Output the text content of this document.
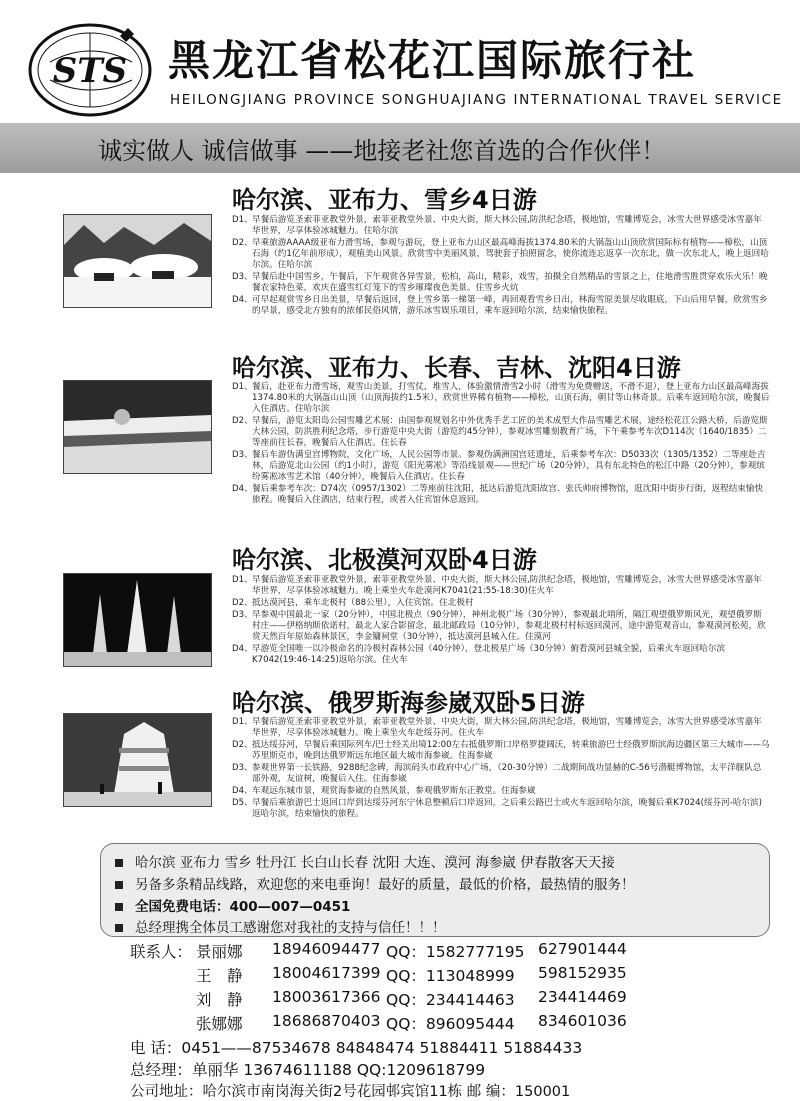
STS 黑龙江省松花江国际旅行社
HEILONGJIANG PROVINCE SONGHUAJIANG INTERNATIONAL TRAVEL SERVICE
诚实做人 诚信做事 ——地接老社您首选的合作伙伴！
哈尔滨、亚布力、雪乡4日游
D1、 早餐后游览圣索菲亚教堂外景，索菲亚教堂外景、中央大街，斯大林公园,防洪纪念塔，极地馆，雪雕博览会，冰雪大世界感受冰雪嘉年华世界，尽享体验冰城魅力。住哈尔滨
D2、 早乘旅游AAAA级亚布力滑雪场，参观与游玩，登上亚布力山区最高峰海拔1374.80米的大锅盔山山顶欣赏国际标有植物——樟松，山顶石海（约1亿年前形成），观植美山风景。欣赏雪中美丽风景，驾驶套子拍照留念，使你流连忘返享一次东北，做一次东北人，晚上返回哈尔滨。住哈尔滨
D3、 早餐后赴中国雪乡，午餐后，下午观赏各异雪景，松柏，高山，精彩，戏雪，拍摄全自然精品的雪景之上，住地滑雪胜贯穿欢乐火乐！晚餐农家特色菜，欢庆在盛雪红灯笼下的雪乡璀璨夜色美景。住雪乡火炕
D4、 可早起观赏雪乡日出美景，早餐后返回，登上雪乡第一梯第一峰，再回观看雪乡日出，林海雪原美景尽收眼底，下山后用早餐，欣赏雪乡的早景，感受北方独有的浓郁民俗风情，游乐冰雪娱乐项目，乘车返回哈尔滨，结束愉快旅程。
哈尔滨、亚布力、长春、吉林、沈阳4日游
D1、 餐后，赴亚布力滑雪场，观雪山美景，打雪仗，堆雪人，体验激情滑雪2小时（滑雪为免费赠送，不滑不退），登上亚布力山区最高峰海拔1374.80米的大锅盔山山顶（山顶海拔约1.5米），欣赏世界稀有植物——樟松，山顶石海，朝甘等山林奇景。后乘车返回哈尔滨，晚餐后入住酒店。住哈尔滨
D2、 早餐后，游览太阳岛公园雪雕艺术展：由国参观规划名中外优秀手艺工匠的美术成型大作品雪雕艺术展，途经松花江公路大桥，后游览斯大林公园，防洪胜利纪念塔，步行游览中央大街（游览约45分钟），参观冰雪雕刻教育广场，下午乘参考车次D114次（1640/1835）二等座前往长春，晚餐后入住酒店。住长春
D3、 餐后车游伪满皇宫博物院，文化广场，人民公园等市景。参观伪满洲国宫廷遗址，后乘参考车次：D5033次（1305/1352）二等座赴吉林，后游览北山公园（约1小时），游览《阳光雾凇》等沿线景观——世纪广场（20分钟），具有东北特色的松江中路（20分钟），参观缤纷雾凇冰雪艺术馆（40分钟），晚餐后入住酒店。住长春
D4、 餐后乘参考车次：D74次（0957/1302）二等座前往沈阳，抵达后游览沈阳故宫、张氏帅府博物馆，逛沈阳中街步行街，返程结束愉快旅程。晚餐后入住酒店，结束行程，或者入住宾馆休息返回。
哈尔滨、北极漠河双卧4日游
D1、 早餐后游览圣索菲亚教堂外景，索菲亚教堂外景、中央大街，斯大林公园,防洪纪念塔，极地馆，雪雕博览会，冰雪大世界感受冰雪嘉年华世界，尽享体验冰城魅力。晚上乘坐火车赴漠河K7041(21:55-18:30)住火车
D2、 抵达漠河县，乘车北极村（88公里），入住宾馆。住北极村
D3、 早参观中国最北一家（20分钟），中国北极点（90分钟），神州北极广场（30分钟），参观最北哨所，隔江观望俄罗斯风光，观望俄罗斯村庄——伊格纳斯依诺村，最北人家合影留念，最北邮政局（10分钟），参观北极村村标返回漠河，途中游览观音山，参观漠河松苑，欣赏天然百年原始森林景区，李金镛祠堂（30分钟），抵达漠河县城入住。住漠河
D4、 早游览全国唯一以冷极命名的冷极村森林公园（40分钟），登北极星广场（30分钟）俯看漠河县城全貌，后乘火车返回哈尔滨K7042(19:46-14:25)返哈尔滨。住火车
哈尔滨、俄罗斯海参崴双卧5日游
D1、 早餐后游览圣索菲亚教堂外景，索菲亚教堂外景、中央大街，斯大林公园,防洪纪念塔，极地馆，雪雕博览会，冰雪大世界感受冰雪嘉年华世界，尽享体验冰城魅力。晚上乘坐火车赴绥芬河。住火车
D2、 抵达绥芬河，早餐后乘国际列车/巴士经关出境12:00左右抵俄罗斯口岸格罗捷阔沃，转乘旅游巴士经俄罗斯滨海边疆区第三大城市——乌苏里斯克市，晚到达俄罗斯远东地区最大城市海参崴。住海参崴
D3、 参观世界第一长铁路，9288纪念碑，海滨码头市政府中心广场，（20-30分钟）二战期间战功显赫的C-56号潜艇博物馆，太平洋舰队总部外观，友谊树，晚餐后入住。住海参崴
D4、 车观远东城市景，观赏海参崴的自然风景，参观俄罗斯东正教堂。住海参崴
D5、 早餐后乘旅游巴士返回口岸到达绥芬河东宁休息整顿后口岸返回，之后乘公路巴士或火车返回哈尔滨，晚餐后乘K7024(绥芬河-哈尔滨)返哈尔滨，结束愉快的旅程。
哈尔滨 亚布力 雪乡 牡丹江 长白山长春 沈阳 大连、漠河 海参崴 伊春散客天天接
另备多条精品线路，欢迎您的来电垂询！最好的质量，最低的价格，最热情的服务！
全国免费电话：400—007—0451
总经理携全体员工感谢您对我社的支持与信任！！！
联系人： 景丽娜 18946094477 QQ：1582777195 627901444
王　静 18004617399 QQ：113048999 598152935
刘　静 18003617366 QQ：234414463 234414469
张娜娜 18686870403 QQ：896095444 834601036
电 话：0451——87534678 84848474 51884411 51884433
总经理：单丽华 13674611188 QQ:1209618799
公司地址：哈尔滨市南岗海关街2号花园邨宾馆11栋 邮 编：150001
